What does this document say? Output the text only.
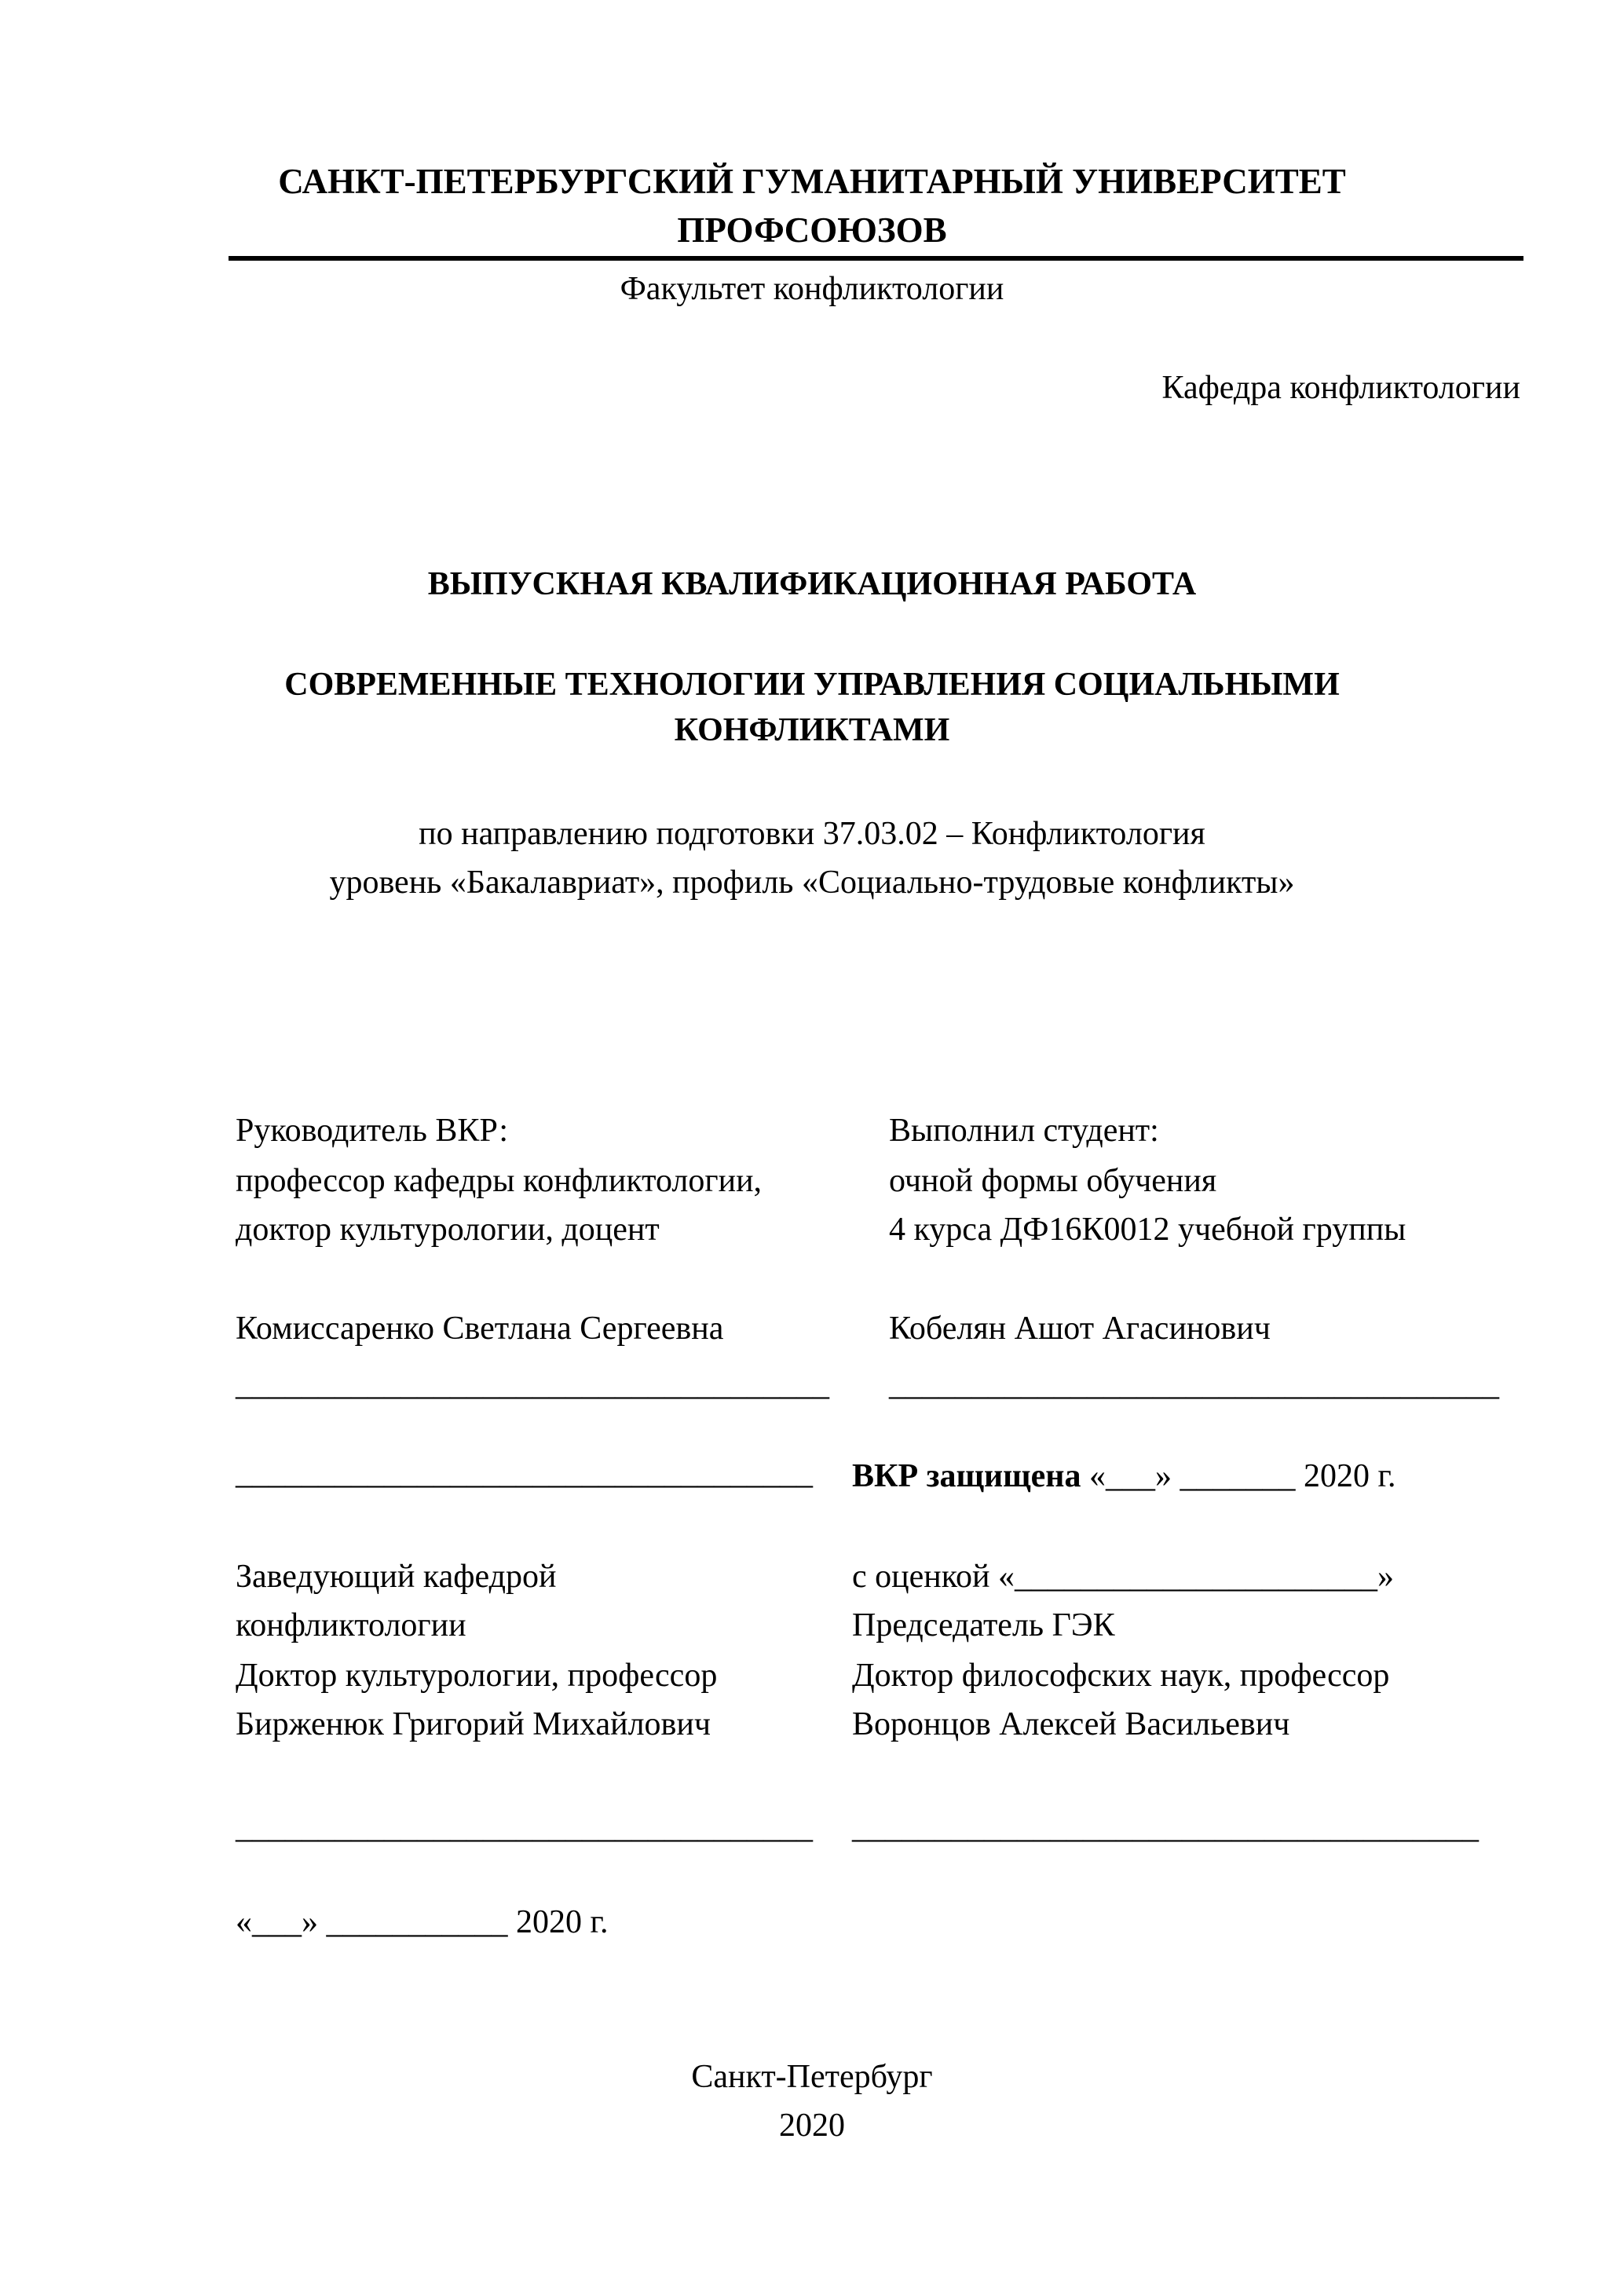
САНКТ-ПЕТЕРБУРГСКИЙ ГУМАНИТАРНЫЙ УНИВЕРСИТЕТ
ПРОФСОЮЗОВ
Факультет конфликтологии
Кафедра конфликтологии
ВЫПУСКНАЯ КВАЛИФИКАЦИОННАЯ РАБОТА
СОВРЕМЕННЫЕ ТЕХНОЛОГИИ УПРАВЛЕНИЯ СОЦИАЛЬНЫМИ
КОНФЛИКТАМИ
по направлению подготовки 37.03.02 – Конфликтология
уровень «Бакалавриат», профиль «Социально-трудовые конфликты»
Руководитель ВКР:
профессор кафедры конфликтологии,
доктор культурологии, доцент
Комиссаренко Светлана Сергеевна
____________________________________
Выполнил студент:
очной формы обучения
4 курса ДФ16К0012 учебной группы
Кобелян Ашот Агасинович
_____________________________________
___________________________________ ВКР защищена «___» _______ 2020 г.
Заведующий кафедрой
конфликтологии
Доктор культурологии, профессор
Бирженюк Григорий Михайлович
___________________________________
«___» ___________ 2020 г.
с оценкой «______________________»
Председатель ГЭК
Доктор философских наук, профессор
Воронцов Алексей Васильевич
______________________________________
Санкт-Петербург
2020
